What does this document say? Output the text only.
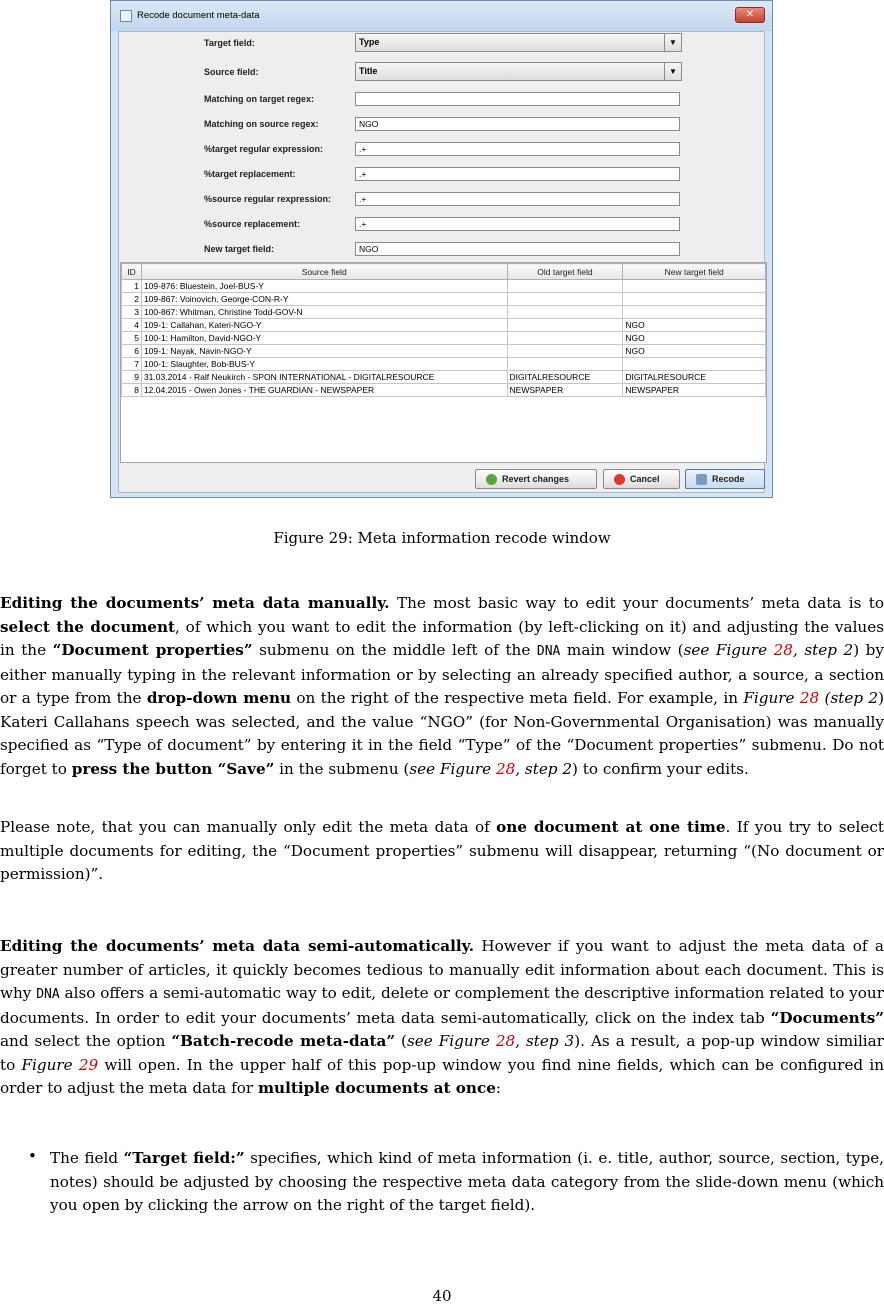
Recode document meta-data	✕
Target field:	Type	▼
Source field:	Title	▼
Matching on target regex:
Matching on source regex:	NGO
%target regular expression:	.+
%target replacement:	.+
%source regular rexpression:	.+
%source replacement:	.+
New target field:	NGO
ID	Source field	Old target field	New target field
1	109-876: Bluestein, Joel-BUS-Y		
2	109-867: Voinovich, George-CON-R-Y		
3	100-867: Whitman, Christine Todd-GOV-N		
4	109-1: Callahan, Kateri-NGO-Y		NGO
5	100-1: Hamilton, David-NGO-Y		NGO
6	109-1: Nayak, Navin-NGO-Y		NGO
7	100-1: Slaughter, Bob-BUS-Y		
9	31.03.2014 - Ralf Neukirch - SPON INTERNATIONAL - DIGITALRESOURCE	DIGITALRESOURCE	DIGITALRESOURCE
8	12.04.2015 - Owen Jones - THE GUARDIAN - NEWSPAPER	NEWSPAPER	NEWSPAPER
Revert changes	Cancel	Recode
Figure 29: Meta information recode window
Editing the documents’ meta data manually. The most basic way to edit your documents’ meta data is to select the document, of which you want to edit the information (by left-clicking on it) and adjusting the values in the “Document properties” submenu on the middle left of the DNA main window (see Figure 28, step 2) by either manually typing in the relevant information or by selecting an already specified author, a source, a section or a type from the drop-down menu on the right of the respective meta field. For example, in Figure 28 (step 2) Kateri Callahans speech was selected, and the value “NGO” (for Non-Governmental Organisation) was manually specified as “Type of document” by entering it in the field “Type” of the “Document properties” submenu. Do not forget to press the button “Save” in the submenu (see Figure 28, step 2) to confirm your edits.
Please note, that you can manually only edit the meta data of one document at one time. If you try to select multiple documents for editing, the “Document properties” submenu will disappear, returning “(No document or permission)”.
Editing the documents’ meta data semi-automatically. However if you want to adjust the meta data of a greater number of articles, it quickly becomes tedious to manually edit information about each document. This is why DNA also offers a semi-automatic way to edit, delete or complement the descriptive information related to your documents. In order to edit your documents’ meta data semi-automatically, click on the index tab “Documents” and select the option “Batch-recode meta-data” (see Figure 28, step 3). As a result, a pop-up window similiar to Figure 29 will open. In the upper half of this pop-up window you find nine fields, which can be configured in order to adjust the meta data for multiple documents at once:
• The field “Target field:” specifies, which kind of meta information (i. e. title, author, source, section, type, notes) should be adjusted by choosing the respective meta data category from the slide-down menu (which you open by clicking the arrow on the right of the target field).
40
